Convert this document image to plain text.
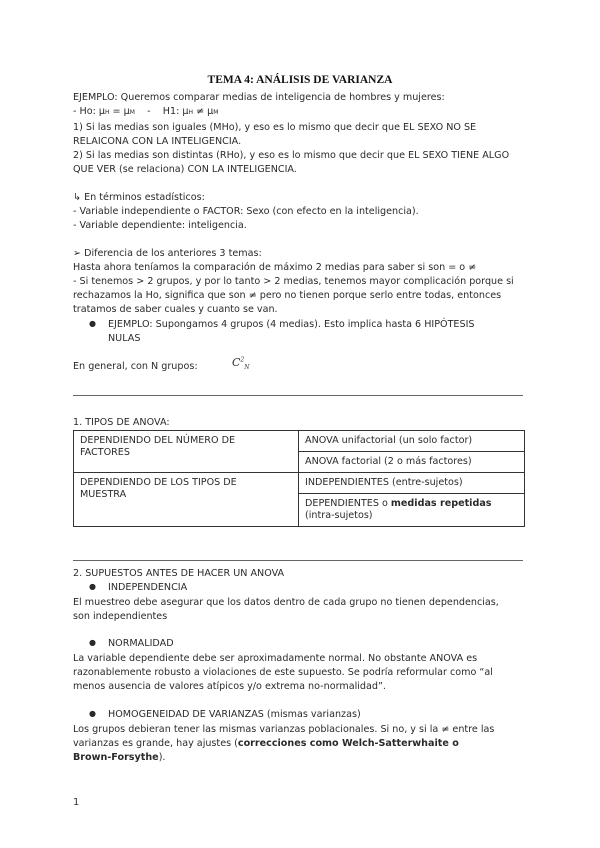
TEMA 4: ANÁLISIS DE VARIANZA
EJEMPLO: Queremos comparar medias de inteligencia de hombres y mujeres:
- Ho: μH = μM    -    H1: μH ≠ μM
1) Si las medias son iguales (MHo), y eso es lo mismo que decir que EL SEXO NO SE
RELAICONA CON LA INTELIGENCIA.
2) Si las medias son distintas (RHo), y eso es lo mismo que decir que EL SEXO TIENE ALGO
QUE VER (se relaciona) CON LA INTELIGENCIA.
↳ En términos estadísticos:
- Variable independiente o FACTOR: Sexo (con efecto en la inteligencia).
- Variable dependiente: inteligencia.
➢ Diferencia de los anteriores 3 temas:
Hasta ahora teníamos la comparación de máximo 2 medias para saber si son = o ≠
- Si tenemos > 2 grupos, y por lo tanto > 2 medias, tenemos mayor complicación porque si
rechazamos la Ho, significa que son ≠ pero no tienen porque serlo entre todas, entonces
tratamos de saber cuales y cuanto se van.
● EJEMPLO: Supongamos 4 grupos (4 medias). Esto implica hasta 6 HIPÓTESIS
NULAS
En general, con N grupos:	$C^2_N$
1. TIPOS DE ANOVA:
DEPENDIENDO DEL NÚMERO DE
FACTORES	ANOVA unifactorial (un solo factor)

	ANOVA factorial (2 o más factores)

DEPENDIENDO DE LOS TIPOS DE
MUESTRA	INDEPENDIENTES (entre-sujetos)

	DEPENDIENTES o medidas repetidas
(intra-sujetos)
2. SUPUESTOS ANTES DE HACER UN ANOVA
● INDEPENDENCIA
El muestreo debe asegurar que los datos dentro de cada grupo no tienen dependencias,
son independientes
● NORMALIDAD
La variable dependiente debe ser aproximadamente normal. No obstante ANOVA es
razonablemente robusto a violaciones de este supuesto. Se podría reformular como “al
menos ausencia de valores atípicos y/o extrema no-normalidad”.
● HOMOGENEIDAD DE VARIANZAS (mismas varianzas)
Los grupos debieran tener las mismas varianzas poblacionales. Si no, y si la ≠ entre las
varianzas es grande, hay ajustes (correcciones como Welch-Satterwhaite o
Brown-Forsythe).
1
